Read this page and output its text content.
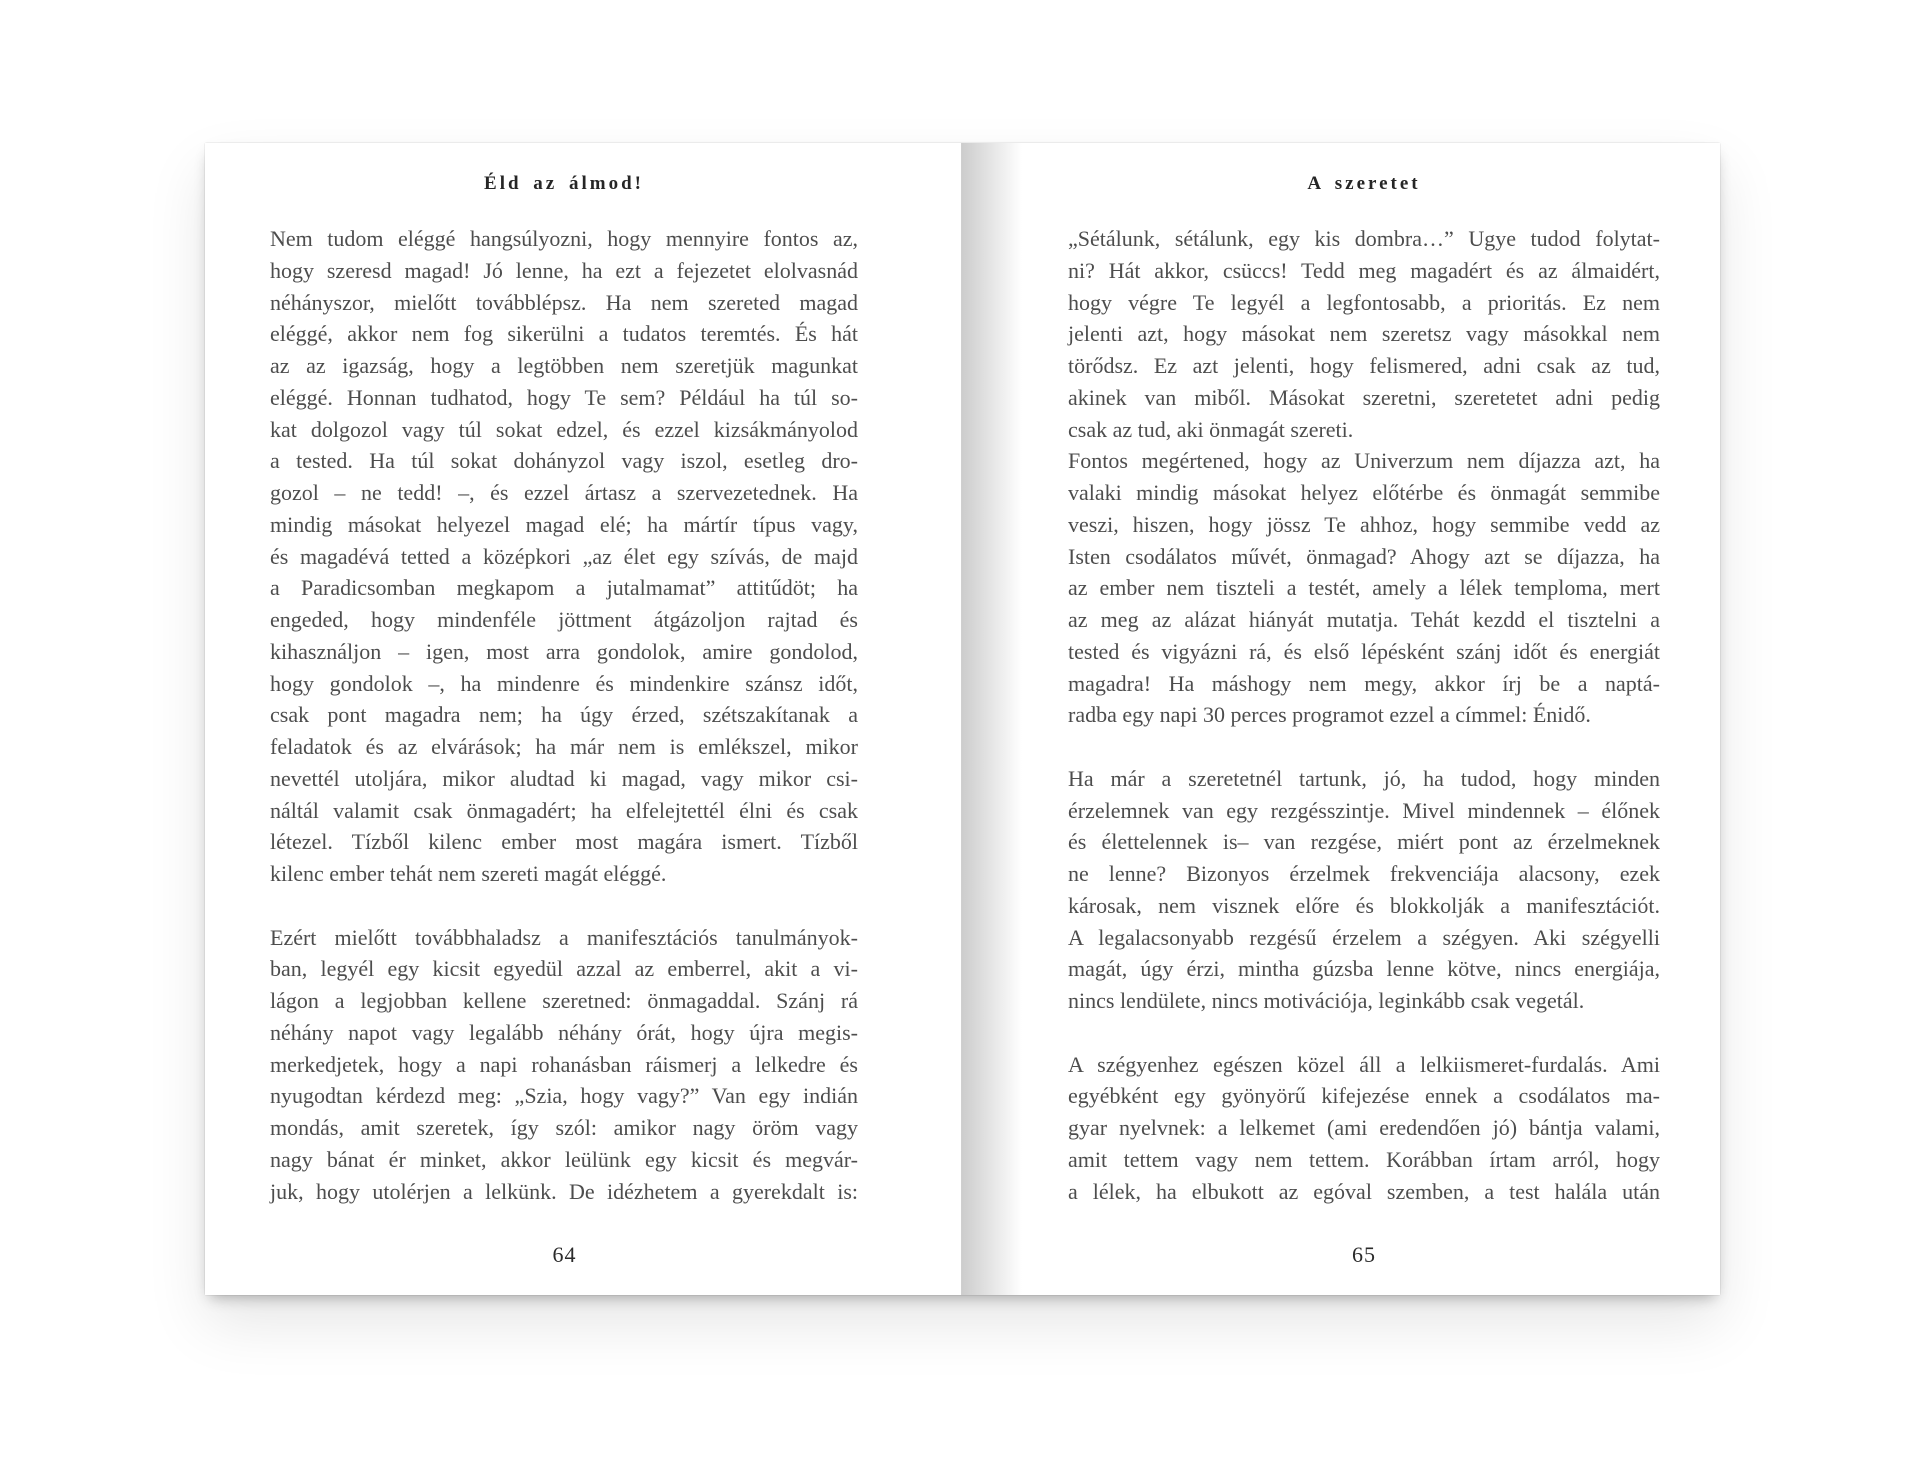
Éld az álmod!
Nem tudom eléggé hangsúlyozni, hogy mennyire fontos az,
hogy szeresd magad! Jó lenne, ha ezt a fejezetet elolvasnád
néhányszor, mielőtt továbblépsz. Ha nem szereted magad
eléggé, akkor nem fog sikerülni a tudatos teremtés. És hát
az az igazság, hogy a legtöbben nem szeretjük magunkat
eléggé. Honnan tudhatod, hogy Te sem? Például ha túl so-
kat dolgozol vagy túl sokat edzel, és ezzel kizsákmányolod
a tested. Ha túl sokat dohányzol vagy iszol, esetleg dro-
gozol – ne tedd! –, és ezzel ártasz a szervezetednek. Ha
mindig másokat helyezel magad elé; ha mártír típus vagy,
és magadévá tetted a középkori „az élet egy szívás, de majd
a Paradicsomban megkapom a jutalmamat” attitűdöt; ha
engeded, hogy mindenféle jöttment átgázoljon rajtad és
kihasználjon – igen, most arra gondolok, amire gondolod,
hogy gondolok –, ha mindenre és mindenkire szánsz időt,
csak pont magadra nem; ha úgy érzed, szétszakítanak a
feladatok és az elvárások; ha már nem is emlékszel, mikor
nevettél utoljára, mikor aludtad ki magad, vagy mikor csi-
náltál valamit csak önmagadért; ha elfelejtettél élni és csak
létezel. Tízből kilenc ember most magára ismert. Tízből
kilenc ember tehát nem szereti magát eléggé.
Ezért mielőtt továbbhaladsz a manifesztációs tanulmányok-
ban, legyél egy kicsit egyedül azzal az emberrel, akit a vi-
lágon a legjobban kellene szeretned: önmagaddal. Szánj rá
néhány napot vagy legalább néhány órát, hogy újra megis-
merkedjetek, hogy a napi rohanásban ráismerj a lelkedre és
nyugodtan kérdezd meg: „Szia, hogy vagy?” Van egy indián
mondás, amit szeretek, így szól: amikor nagy öröm vagy
nagy bánat ér minket, akkor leülünk egy kicsit és megvár-
juk, hogy utolérjen a lelkünk. De idézhetem a gyerekdalt is:
64
A szeretet
„Sétálunk, sétálunk, egy kis dombra…” Ugye tudod folytat-
ni? Hát akkor, csüccs! Tedd meg magadért és az álmaidért,
hogy végre Te legyél a legfontosabb, a prioritás. Ez nem
jelenti azt, hogy másokat nem szeretsz vagy másokkal nem
törődsz. Ez azt jelenti, hogy felismered, adni csak az tud,
akinek van miből. Másokat szeretni, szeretetet adni pedig
csak az tud, aki önmagát szereti.
Fontos megértened, hogy az Univerzum nem díjazza azt, ha
valaki mindig másokat helyez előtérbe és önmagát semmibe
veszi, hiszen, hogy jössz Te ahhoz, hogy semmibe vedd az
Isten csodálatos művét, önmagad? Ahogy azt se díjazza, ha
az ember nem tiszteli a testét, amely a lélek temploma, mert
az meg az alázat hiányát mutatja. Tehát kezdd el tisztelni a
tested és vigyázni rá, és első lépésként szánj időt és energiát
magadra! Ha máshogy nem megy, akkor írj be a naptá-
radba egy napi 30 perces programot ezzel a címmel: Énidő.
Ha már a szeretetnél tartunk, jó, ha tudod, hogy minden
érzelemnek van egy rezgésszintje. Mivel mindennek – élőnek
és élettelennek is– van rezgése, miért pont az érzelmeknek
ne lenne? Bizonyos érzelmek frekvenciája alacsony, ezek
károsak, nem visznek előre és blokkolják a manifesztációt.
A legalacsonyabb rezgésű érzelem a szégyen. Aki szégyelli
magát, úgy érzi, mintha gúzsba lenne kötve, nincs energiája,
nincs lendülete, nincs motivációja, leginkább csak vegetál.
A szégyenhez egészen közel áll a lelkiismeret-furdalás. Ami
egyébként egy gyönyörű kifejezése ennek a csodálatos ma-
gyar nyelvnek: a lelkemet (ami eredendően jó) bántja valami,
amit tettem vagy nem tettem. Korábban írtam arról, hogy
a lélek, ha elbukott az egóval szemben, a test halála után
65
